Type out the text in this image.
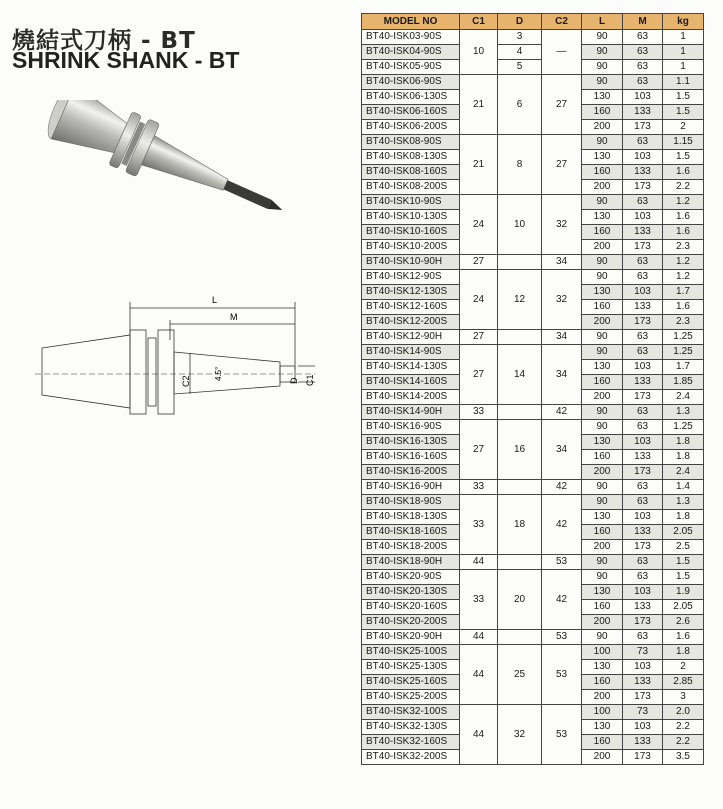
燒結式刀柄 - BT
SHRINK SHANK - BT
L
M
C2
4.5°	D C1
MODEL NO	C1	D	C2	L	M	kg
BT40-ISK03-90S	10	3	—	90	63	1
BT40-ISK04-90S		4		90	63	1
BT40-ISK05-90S		5		90	63	1
BT40-ISK06-90S	21	6	27	90	63	1.1
BT40-ISK06-130S				130	103	1.5
BT40-ISK06-160S				160	133	1.5
BT40-ISK06-200S				200	173	2
BT40-ISK08-90S	21	8	27	90	63	1.15
BT40-ISK08-130S				130	103	1.5
BT40-ISK08-160S				160	133	1.6
BT40-ISK08-200S				200	173	2.2
BT40-ISK10-90S	24	10	32	90	63	1.2
BT40-ISK10-130S				130	103	1.6
BT40-ISK10-160S				160	133	1.6
BT40-ISK10-200S				200	173	2.3
BT40-ISK10-90H	27		34	90	63	1.2
BT40-ISK12-90S	24	12	32	90	63	1.2
BT40-ISK12-130S				130	103	1.7
BT40-ISK12-160S				160	133	1.6
BT40-ISK12-200S				200	173	2.3
BT40-ISK12-90H	27		34	90	63	1.25
BT40-ISK14-90S	27	14	34	90	63	1.25
BT40-ISK14-130S				130	103	1.7
BT40-ISK14-160S				160	133	1.85
BT40-ISK14-200S				200	173	2.4
BT40-ISK14-90H	33		42	90	63	1.3
BT40-ISK16-90S	27	16	34	90	63	1.25
BT40-ISK16-130S				130	103	1.8
BT40-ISK16-160S				160	133	1.8
BT40-ISK16-200S				200	173	2.4
BT40-ISK16-90H	33		42	90	63	1.4
BT40-ISK18-90S	33	18	42	90	63	1.3
BT40-ISK18-130S				130	103	1.8
BT40-ISK18-160S				160	133	2.05
BT40-ISK18-200S				200	173	2.5
BT40-ISK18-90H	44		53	90	63	1.5
BT40-ISK20-90S	33	20	42	90	63	1.5
BT40-ISK20-130S				130	103	1.9
BT40-ISK20-160S				160	133	2.05
BT40-ISK20-200S				200	173	2.6
BT40-ISK20-90H	44		53	90	63	1.6
BT40-ISK25-100S	44	25	53	100	73	1.8
BT40-ISK25-130S				130	103	2
BT40-ISK25-160S				160	133	2.85
BT40-ISK25-200S				200	173	3
BT40-ISK32-100S	44	32	53	100	73	2.0
BT40-ISK32-130S				130	103	2.2
BT40-ISK32-160S				160	133	2.2
BT40-ISK32-200S				200	173	3.5
